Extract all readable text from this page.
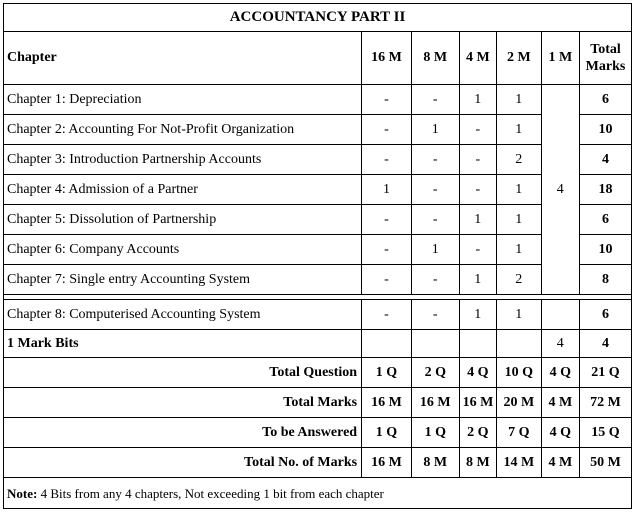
ACCOUNTANCY PART II						
Chapter	16 M	8 M	4 M	2 M	1 M	Total
Marks

Chapter 1: Depreciation	-	-	1	1	4	6
Chapter 2: Accounting For Not-Profit Organization	-	1	-	1		10
Chapter 3: Introduction Partnership Accounts	-	-	-	2		4
Chapter 4: Admission of a Partner	1	-	-	1		18
Chapter 5: Dissolution of Partnership	-	-	1	1		6
Chapter 6: Company Accounts	-	1	-	1		10
Chapter 7: Single entry Accounting System	-	-	1	2		8

Chapter 8: Computerised Accounting System	-	-	1	1		6
1 Mark Bits					4	4
Total Question	1 Q	2 Q	4 Q	10 Q	4 Q	21 Q
Total Marks	16 M	16 M	16 M	20 M	4 M	72 M
To be Answered	1 Q	1 Q	2 Q	7 Q	4 Q	15 Q
Total No. of Marks	16 M	8 M	8 M	14 M	4 M	50 M
Note: 4 Bits from any 4 chapters, Not exceeding 1 bit from each chapter						
